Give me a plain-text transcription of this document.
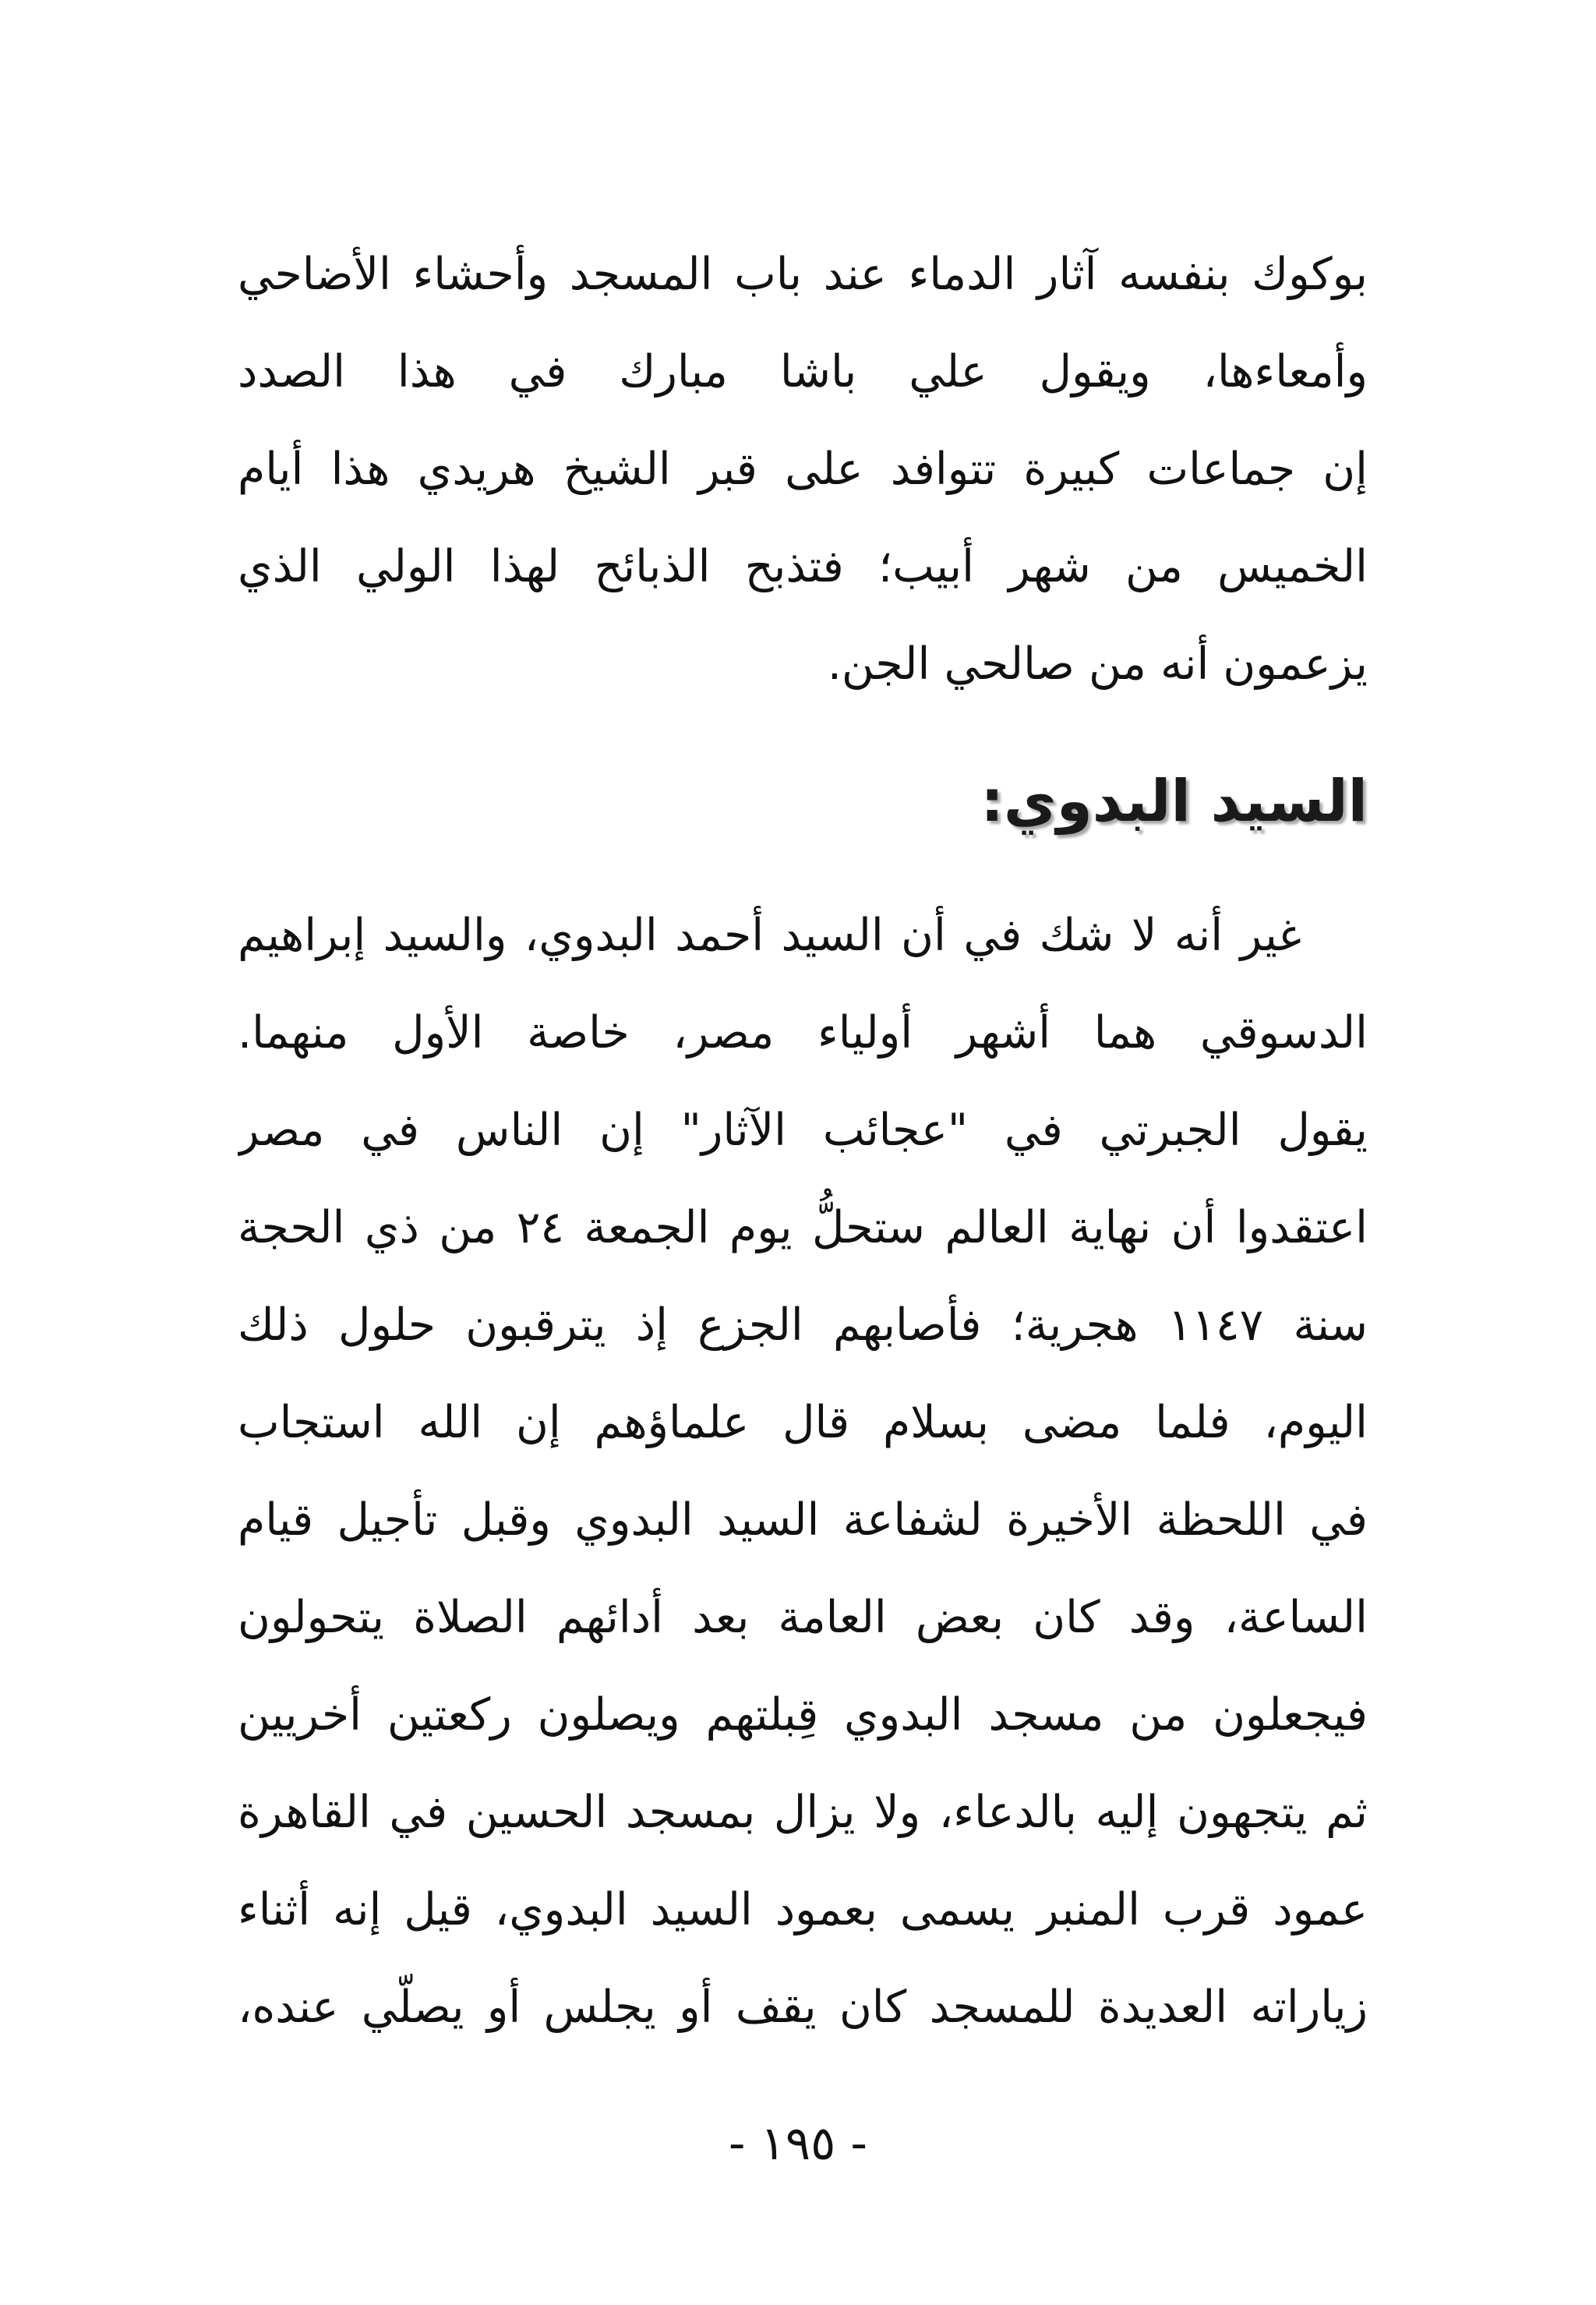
بوكوك بنفسه آثار الدماء عند باب المسجد وأحشاء الأضاحي
وأمعاءها، ويقول علي باشا مبارك في هذا الصدد
إن جماعات كبيرة تتوافد على قبر الشيخ هريدي هذا أيام
الخميس من شهر أبيب؛ فتذبح الذبائح لهذا الولي الذي
يزعمون أنه من صالحي الجن.
السيد البدوي:
غير أنه لا شك في أن السيد أحمد البدوي، والسيد إبراهيم
الدسوقي هما أشهر أولياء مصر، خاصة الأول منهما.
يقول الجبرتي في "عجائب الآثار" إن الناس في مصر
اعتقدوا أن نهاية العالم ستحلُّ يوم الجمعة ٢٤ من ذي الحجة
سنة ١١٤٧ هجرية؛ فأصابهم الجزع إذ يترقبون حلول ذلك
اليوم، فلما مضى بسلام قال علماؤهم إن الله استجاب
في اللحظة الأخيرة لشفاعة السيد البدوي وقبل تأجيل قيام
الساعة، وقد كان بعض العامة بعد أدائهم الصلاة يتحولون
فيجعلون من مسجد البدوي قِبلتهم ويصلون ركعتين أخريين
ثم يتجهون إليه بالدعاء، ولا يزال بمسجد الحسين في القاهرة
عمود قرب المنبر يسمى بعمود السيد البدوي، قيل إنه أثناء
زياراته العديدة للمسجد كان يقف أو يجلس أو يصلّي عنده،
- ١٩٥ -
